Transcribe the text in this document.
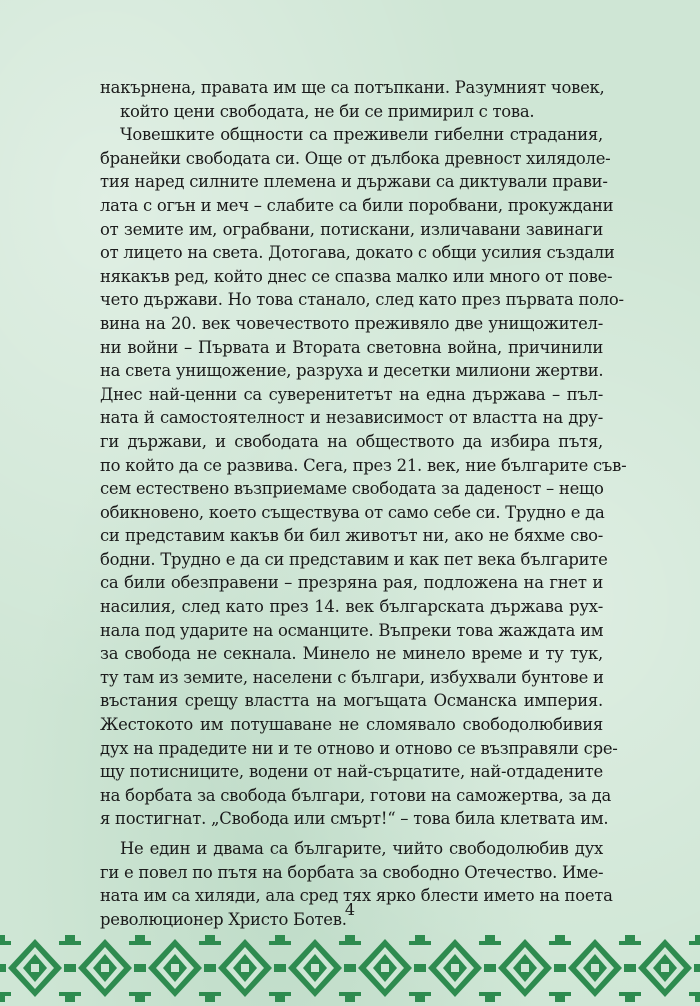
накърнена, правата им ще са потъпкани. Разумният човек,
който цени свободата, не би се примирил с това.

Човешките общности са преживели гибелни страдания,
бранейки свободата си. Още от дълбока древност хилядоле-
тия наред силните племена и държави са диктували прави-
лата с огън и меч – слабите са били поробвани, прокуждани
от земите им, ограбвани, потискани, изличавани завинаги
от лицето на света. Дотогава, докато с общи усилия създали
някакъв ред, който днес се спазва малко или много от пове-
чето държави. Но това станало, след като през първата поло-
вина на 20. век човечеството преживяло две унищожител-
ни войни – Първата и Втората световна война, причинили
на света унищожение, разруха и десетки милиони жертви.
Днес най-ценни са суверенитетът на една държава – пъл-
ната й самостоятелност и независимост от властта на дру-
ги държави, и свободата на обществото да избира пътя,
по който да се развива. Сега, през 21. век, ние българите съв-
сем естествено възприемаме свободата за даденост – нещо
обикновено, което съществува от само себе си. Трудно е да
си представим какъв би бил животът ни, ако не бяхме сво-
бодни. Трудно е да си представим и как пет века българите
са били обезправени – презряна рая, подложена на гнет и
насилия, след като през 14. век българската държава рух-
нала под ударите на османците. Въпреки това жаждата им
за свобода не секнала. Минело не минело време и ту тук,
ту там из земите, населени с българи, избухвали бунтове и
въстания срещу властта на могъщата Османска империя.
Жестокото им потушаване не сломявало свободолюбивия
дух на прадедите ни и те отново и отново се възправяли сре-
щу потисниците, водени от най-сърцатите, най-отдадените
на борбата за свобода българи, готови на саможертва, за да
я постигнат. „Свобода или смърт!“ – това била клетвата им.

Не един и двама са българите, чийто свободолюбив дух
ги е повел по пътя на борбата за свободно Отечество. Име-
ната им са хиляди, ала сред тях ярко блести името на поета
революционер Христо Ботев.

4
